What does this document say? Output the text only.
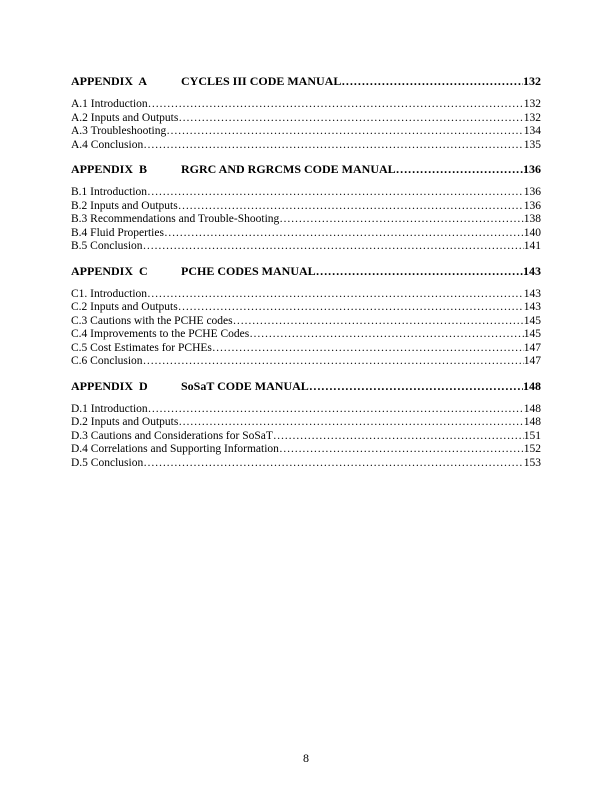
APPENDIX  A	CYCLES III CODE MANUAL ……………………………………………………………………………………………………………………………………………………………………………………………………	132
A.1 Introduction ……………………………………………………………………………………………………………………………………………………………………………………………………	132
A.2 Inputs and Outputs ……………………………………………………………………………………………………………………………………………………………………………………………………	132
A.3 Troubleshooting ……………………………………………………………………………………………………………………………………………………………………………………………………	134
A.4 Conclusion ……………………………………………………………………………………………………………………………………………………………………………………………………	135
APPENDIX  B	RGRC AND RGRCMS CODE MANUAL ……………………………………………………………………………………………………………………………………………………………………………………………………	136
B.1 Introduction ……………………………………………………………………………………………………………………………………………………………………………………………………	136
B.2 Inputs and Outputs ……………………………………………………………………………………………………………………………………………………………………………………………………	136
B.3 Recommendations and Trouble-Shooting ……………………………………………………………………………………………………………………………………………………………………………………………………	138
B.4 Fluid Properties ……………………………………………………………………………………………………………………………………………………………………………………………………	140
B.5 Conclusion ……………………………………………………………………………………………………………………………………………………………………………………………………	141
APPENDIX  C	PCHE CODES MANUAL ……………………………………………………………………………………………………………………………………………………………………………………………………	143
C1. Introduction ……………………………………………………………………………………………………………………………………………………………………………………………………	143
C.2 Inputs and Outputs ……………………………………………………………………………………………………………………………………………………………………………………………………	143
C.3 Cautions with the PCHE codes ……………………………………………………………………………………………………………………………………………………………………………………………………	145
C.4 Improvements to the PCHE Codes ……………………………………………………………………………………………………………………………………………………………………………………………………	145
C.5 Cost Estimates for PCHEs ……………………………………………………………………………………………………………………………………………………………………………………………………	147
C.6 Conclusion ……………………………………………………………………………………………………………………………………………………………………………………………………	147
APPENDIX  D	SoSaT CODE MANUAL ……………………………………………………………………………………………………………………………………………………………………………………………………	148
D.1 Introduction ……………………………………………………………………………………………………………………………………………………………………………………………………	148
D.2 Inputs and Outputs ……………………………………………………………………………………………………………………………………………………………………………………………………	148
D.3 Cautions and Considerations for SoSaT ……………………………………………………………………………………………………………………………………………………………………………………………………	151
D.4 Correlations and Supporting Information ……………………………………………………………………………………………………………………………………………………………………………………………………	152
D.5 Conclusion ……………………………………………………………………………………………………………………………………………………………………………………………………	153
8
